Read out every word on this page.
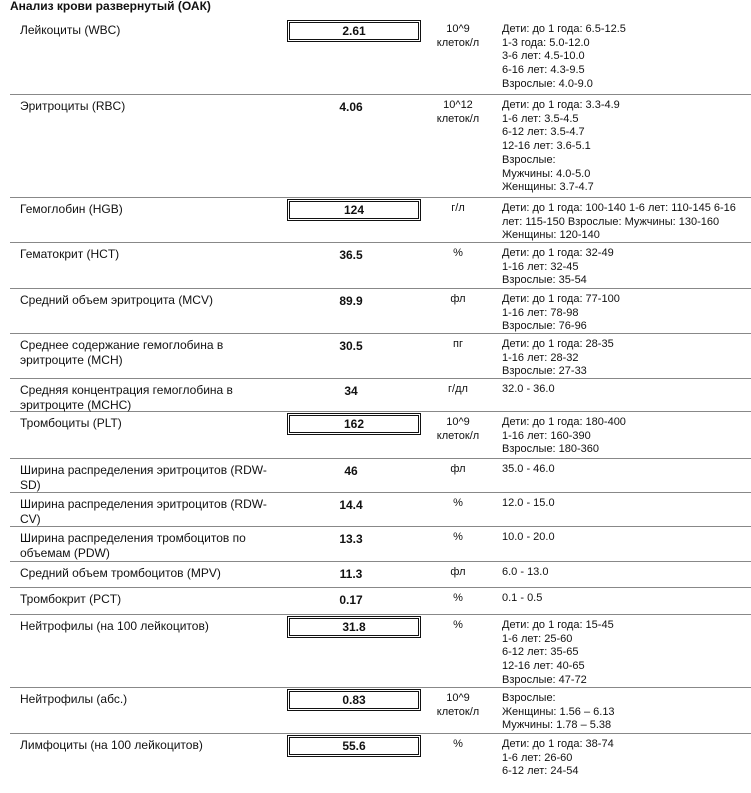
Анализ крови развернутый (ОАК)
Лейкоциты (WBC)	2.61	10^9
клеток/л
Дети: до 1 года: 6.5-12.5
1-3 года: 5.0-12.0
3-6 лет: 4.5-10.0
6-16 лет: 4.3-9.5
Взрослые: 4.0-9.0
Эритроциты (RBC)	4.06	10^12
клеток/л
Дети: до 1 года: 3.3-4.9
1-6 лет: 3.5-4.5
6-12 лет: 3.5-4.7
12-16 лет: 3.6-5.1
Взрослые:
Мужчины: 4.0-5.0
Женщины: 3.7-4.7
Гемоглобин (HGB)	124	г/л	Дети: до 1 года: 100-140 1-6 лет: 110-145 6-16 лет: 115-150 Взрослые: Мужчины: 130-160 Женщины: 120-140
Гематокрит (HCT)	36.5	%	Дети: до 1 года: 32-49
1-16 лет: 32-45
Взрослые: 35-54
Средний объем эритроцита (MCV)	89.9	фл	Дети: до 1 года: 77-100
1-16 лет: 78-98
Взрослые: 76-96
Среднее содержание гемоглобина в эритроците (MCH)
30.5	пг	Дети: до 1 года: 28-35
1-16 лет: 28-32
Взрослые: 27-33
Средняя концентрация гемоглобина в эритроците (MCHC)
34	г/дл	32.0 - 36.0
Тромбоциты (PLT)	162	10^9
клеток/л
Дети: до 1 года: 180-400
1-16 лет: 160-390
Взрослые: 180-360
Ширина распределения эритроцитов (RDW-SD)
46	фл	35.0 - 46.0
Ширина распределения эритроцитов (RDW-CV)
14.4	%	12.0 - 15.0
Ширина распределения тромбоцитов по объемам (PDW)
13.3	%	10.0 - 20.0
Средний объем тромбоцитов (MPV)	11.3	фл	6.0 - 13.0
Тромбокрит (PCT)	0.17	%	0.1 - 0.5
Нейтрофилы (на 100 лейкоцитов)	31.8	%	Дети: до 1 года: 15-45
1-6 лет: 25-60
6-12 лет: 35-65
12-16 лет: 40-65
Взрослые: 47-72
Нейтрофилы (абс.)	0.83	10^9
клеток/л
Взрослые:
Женщины: 1.56 – 6.13
Мужчины: 1.78 – 5.38
Лимфоциты (на 100 лейкоцитов)	55.6	%	Дети: до 1 года: 38-74
1-6 лет: 26-60
6-12 лет: 24-54
